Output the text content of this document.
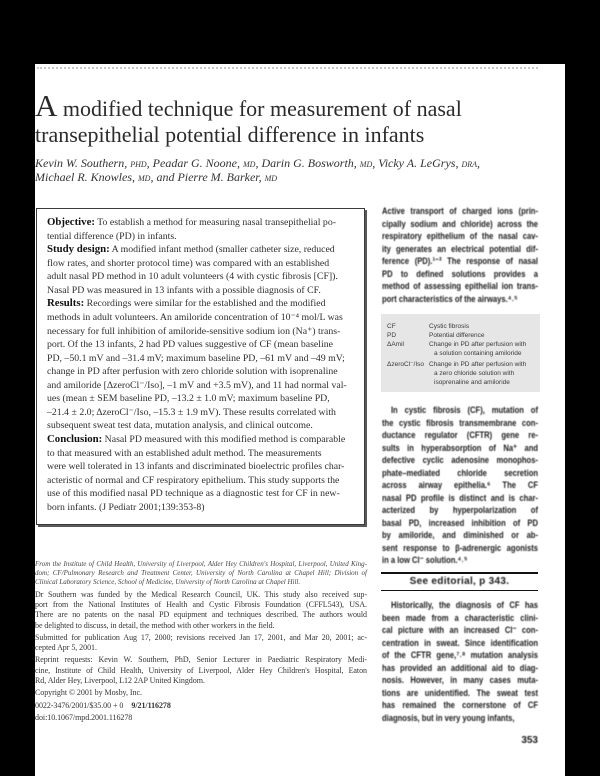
A modified technique for measurement of nasal
transepithelial potential difference in infants
Kevin W. Southern, phd, Peadar G. Noone, md, Darin G. Bosworth, md, Vicky A. LeGrys, dra,
Michael R. Knowles, md, and Pierre M. Barker, md
Objective: To establish a method for measuring nasal transepithelial po-
tential difference (PD) in infants.
Study design: A modified infant method (smaller catheter size, reduced
flow rates, and shorter protocol time) was compared with an established
adult nasal PD method in 10 adult volunteers (4 with cystic fibrosis [CF]).
Nasal PD was measured in 13 infants with a possible diagnosis of CF.
Results: Recordings were similar for the established and the modified
methods in adult volunteers. An amiloride concentration of 10⁻⁴ mol/L was
necessary for full inhibition of amiloride-sensitive sodium ion (Na⁺) trans-
port. Of the 13 infants, 2 had PD values suggestive of CF (mean baseline
PD, –50.1 mV and –31.4 mV; maximum baseline PD, –61 mV and –49 mV;
change in PD after perfusion with zero chloride solution with isoprenaline
and amiloride [ΔzeroCl⁻/Iso], –1 mV and +3.5 mV), and 11 had normal val-
ues (mean ± SEM baseline PD, –13.2 ± 1.0 mV; maximum baseline PD,
–21.4 ± 2.0; ΔzeroCl⁻/Iso, –15.3 ± 1.9 mV). These results correlated with
subsequent sweat test data, mutation analysis, and clinical outcome.
Conclusion: Nasal PD measured with this modified method is comparable
to that measured with an established adult method. The measurements
were well tolerated in 13 infants and discriminated bioelectric profiles char-
acteristic of normal and CF respiratory epithelium. This study supports the
use of this modified nasal PD technique as a diagnostic test for CF in new-
born infants. (J Pediatr 2001;139:353-8)
From the Institute of Child Health, University of Liverpool, Alder Hey Children's Hospital, Liverpool, United King-
dom; CF/Pulmonary Research and Treatment Center, University of North Carolina at Chapel Hill; Division of
Clinical Laboratory Science, School of Medicine, University of North Carolina at Chapel Hill.
Dr Southern was funded by the Medical Research Council, UK. This study also received sup-
port from the National Institutes of Health and Cystic Fibrosis Foundation (CFFL543), USA.
There are no patents on the nasal PD equipment and techniques described. The authors would
be delighted to discuss, in detail, the method with other workers in the field.
Submitted for publication Aug 17, 2000; revisions received Jan 17, 2001, and Mar 20, 2001; ac-
cepted Apr 5, 2001.
Reprint requests: Kevin W. Southern, PhD, Senior Lecturer in Paediatric Respiratory Medi-
cine, Institute of Child Health, University of Liverpool, Alder Hey Children's Hospital, Eaton
Rd, Alder Hey, Liverpool, L12 2AP United Kingdom.
Copyright © 2001 by Mosby, Inc.
0022-3476/2001/$35.00 + 0 9/21/116278
doi:10.1067/mpd.2001.116278
Active transport of charged ions (prin-
cipally sodium and chloride) across the
respiratory epithelium of the nasal cav-
ity generates an electrical potential dif-
ference (PD).¹⁻³ The response of nasal
PD to defined solutions provides a
method of assessing epithelial ion trans-
port characteristics of the airways.⁴˒⁵
CF	Cystic fibrosis
PD	Potential difference
ΔAmil	Change in PD after perfusion with
a solution containing amiloride
ΔzeroCl⁻/Iso Change in PD after perfusion with
a zero chloride solution with
isoprenaline and amiloride
In cystic fibrosis (CF), mutation of
the cystic fibrosis transmembrane con-
ductance regulator (CFTR) gene re-
sults in hyperabsorption of Na⁺ and
defective cyclic adenosine monophos-
phate–mediated chloride secretion
across airway epithelia.⁶ The CF
nasal PD profile is distinct and is char-
acterized by hyperpolarization of
basal PD, increased inhibition of PD
by amiloride, and diminished or ab-
sent response to β-adrenergic agonists
in a low Cl⁻ solution.⁴˒⁵
See editorial, p 343.
Historically, the diagnosis of CF has
been made from a characteristic clini-
cal picture with an increased Cl⁻ con-
centration in sweat. Since identification
of the CFTR gene,⁷˒⁸ mutation analysis
has provided an additional aid to diag-
nosis. However, in many cases muta-
tions are unidentified. The sweat test
has remained the cornerstone of CF
diagnosis, but in very young infants,
353
